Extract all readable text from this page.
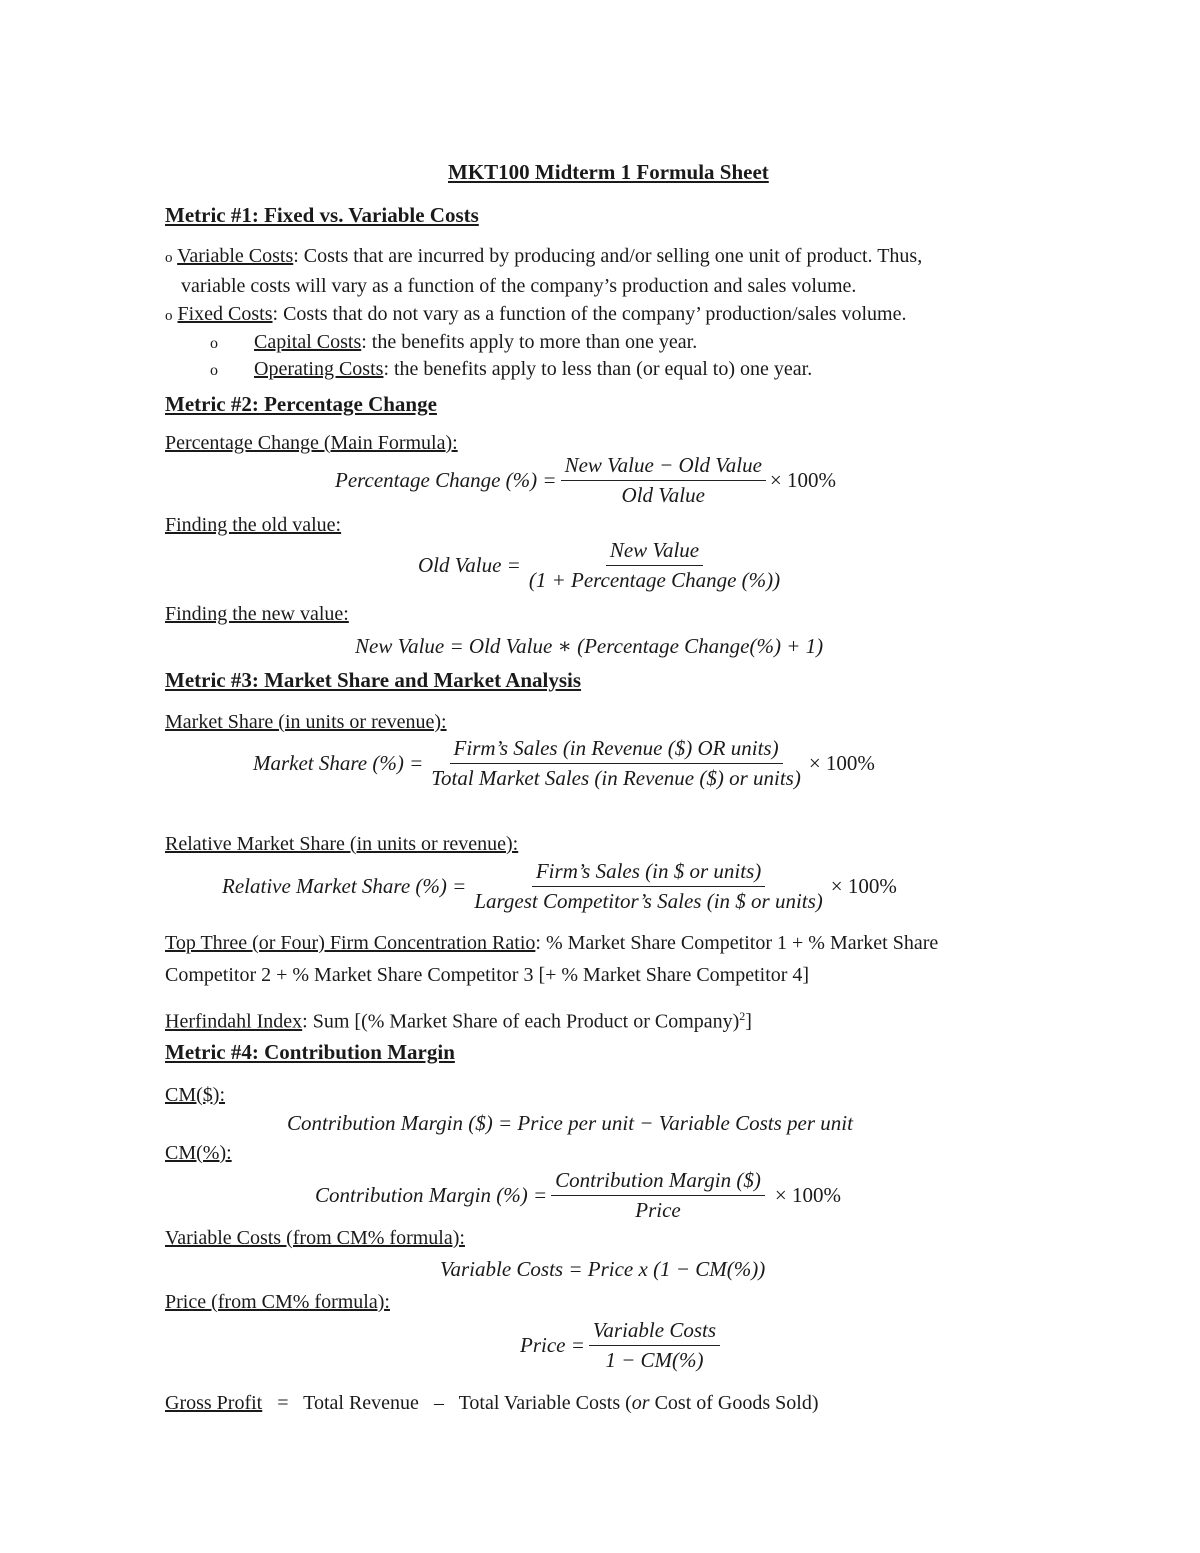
MKT100 Midterm 1 Formula Sheet
Metric #1: Fixed vs. Variable Costs
o Variable Costs: Costs that are incurred by producing and/or selling one unit of product. Thus,
variable costs will vary as a function of the company’s production and sales volume.
o Fixed Costs: Costs that do not vary as a function of the company’ production/sales volume.
o Capital Costs: the benefits apply to more than one year.
o Operating Costs: the benefits apply to less than (or equal to) one year.
Metric #2: Percentage Change
Percentage Change (Main Formula):
Percentage Change (%) = $\frac{\text{New Value − Old Value}}{\text{Old Value}} \times 100\%$
Finding the old value:
Old Value = $\frac{\text{New Value}}{\text{(1 + Percentage Change (\%))}}$
Finding the new value:
New Value = Old Value ∗ (Percentage Change(%) + 1)
Metric #3: Market Share and Market Analysis
Market Share (in units or revenue):
Market Share (%) = $\frac{\text{Firm’s Sales (in Revenue (\$) OR units)}}{\text{Total Market Sales (in Revenue (\$) or units)}} \times 100\%$
Relative Market Share (in units or revenue):
Relative Market Share (%) = $\frac{\text{Firm’s Sales (in \$ or units)}}{\text{Largest Competitor’s Sales (in \$ or units)}} \times 100\%$
Top Three (or Four) Firm Concentration Ratio: % Market Share Competitor 1 + % Market Share
Competitor 2 + % Market Share Competitor 3 [+ % Market Share Competitor 4]
Herfindahl Index: Sum [(% Market Share of each Product or Company)$^2$]
Metric #4: Contribution Margin
CM($):
Contribution Margin ($) = Price per unit − Variable Costs per unit
CM(%):
Contribution Margin (%) = $\frac{\text{Contribution Margin (\$)}}{\text{Price}} \times 100\%$
Variable Costs (from CM% formula):
Variable Costs = Price x (1 − CM(%))
Price (from CM% formula):
Price = $\frac{\text{Variable Costs}}{1 - CM(\%)}$
Gross Profit = Total Revenue – Total Variable Costs (or Cost of Goods Sold)
